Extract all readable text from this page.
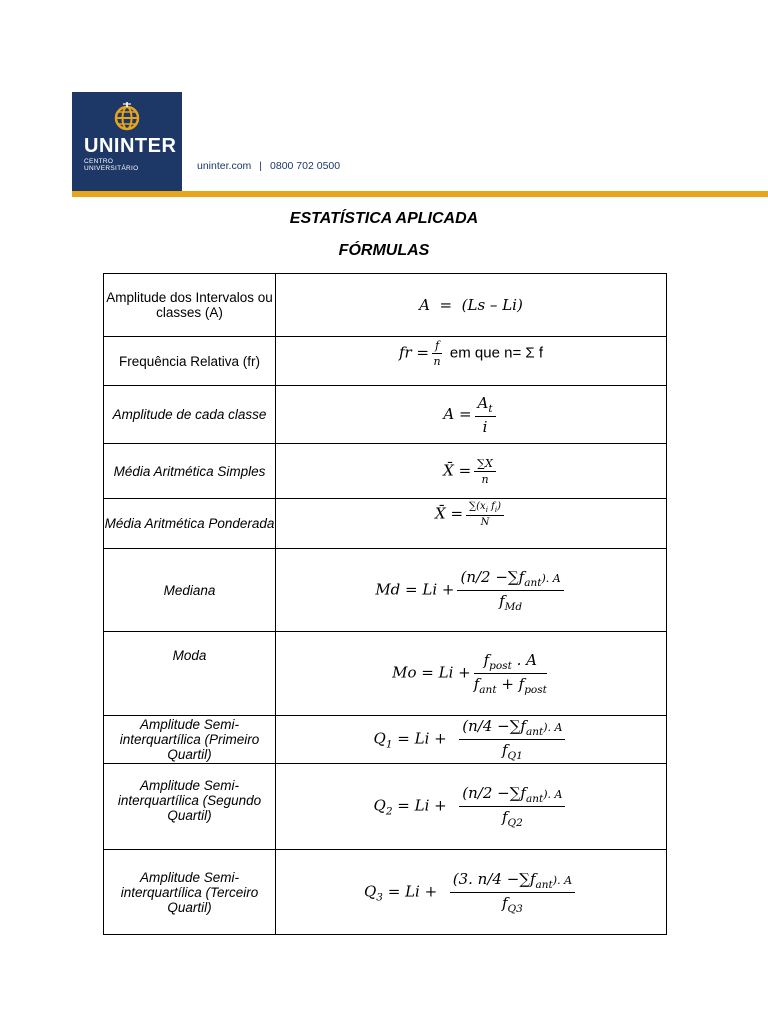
UNINTER
CENTRO
UNIVERSITÁRIO	uninter.com | 0800 702 0500
ESTATÍSTICA APLICADA
FÓRMULAS
Amplitude dos Intervalos ou classes (A)	A  =  (Ls – Li)
Frequência Relativa (fr)	fr = $\frac{f}{n}$ em que n= Σ f
Amplitude de cada classe	$A = \frac{A_t}{i}$

Média Aritmética Simples	X̄ = $\frac{\sum X}{n}$

Média Aritmética Ponderada	X̄ = $\frac{\sum(x_i f_i)}{N}$

Mediana	$Md = Li + \frac{(n/2 -\sum f_{ant}). A}{f_{Md}}$

Moda	$Mo = Li + \frac{f_{post} . A}{f_{ant} + f_{post}}$

Amplitude Semi-interquartílica (Primeiro Quartil)	$Q_1 = Li + \frac{(n/4 -\sum f_{ant}). A}{f_{Q1}}$

Amplitude Semi-interquartílica (Segundo Quartil)	$Q_2 = Li + \frac{(n/2 -\sum f_{ant}). A}{f_{Q2}}$

Amplitude Semi-interquartílica (Terceiro Quartil)	$Q_3 = Li + \frac{(3. n/4 -\sum f_{ant}). A}{f_{Q3}}$
